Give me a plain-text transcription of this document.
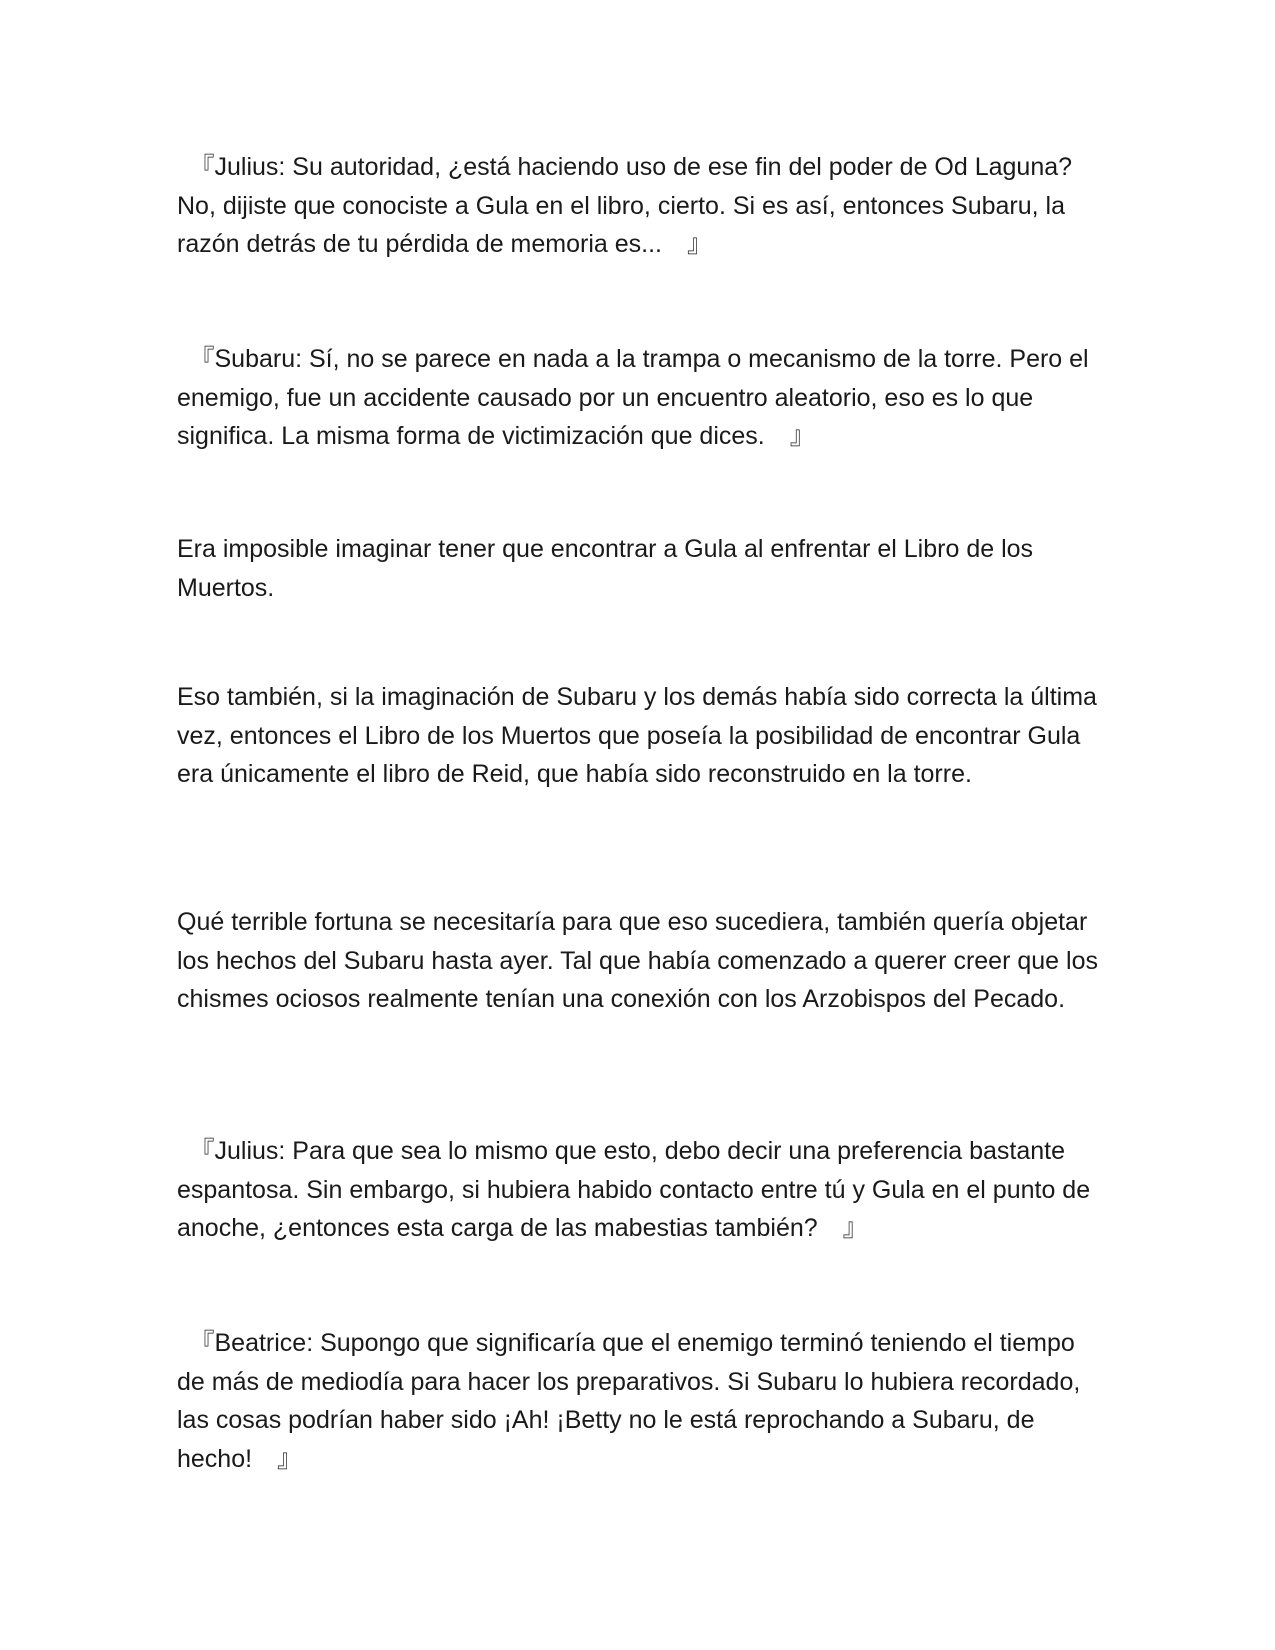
　『Julius: Su autoridad, ¿está haciendo uso de ese fin del poder de Od Laguna? No, dijiste que conociste a Gula en el libro, cierto. Si es así, entonces Subaru, la razón detrás de tu pérdida de memoria es...　』

　『Subaru: Sí, no se parece en nada a la trampa o mecanismo de la torre. Pero el enemigo, fue un accidente causado por un encuentro aleatorio, eso es lo que significa. La misma forma de victimización que dices.　』

Era imposible imaginar tener que encontrar a Gula al enfrentar el Libro de los Muertos.

Eso también, si la imaginación de Subaru y los demás había sido correcta la última vez, entonces el Libro de los Muertos que poseía la posibilidad de encontrar Gula era únicamente el libro de Reid, que había sido reconstruido en la torre.

Qué terrible fortuna se necesitaría para que eso sucediera, también quería objetar los hechos del Subaru hasta ayer. Tal que había comenzado a querer creer que los chismes ociosos realmente tenían una conexión con los Arzobispos del Pecado.

　『Julius: Para que sea lo mismo que esto, debo decir una preferencia bastante espantosa. Sin embargo, si hubiera habido contacto entre tú y Gula en el punto de anoche, ¿entonces esta carga de las mabestias también?　』

　『Beatrice: Supongo que significaría que el enemigo terminó teniendo el tiempo de más de mediodía para hacer los preparativos. Si Subaru lo hubiera recordado, las cosas podrían haber sido ¡Ah! ¡Betty no le está reprochando a Subaru, de hecho!　』
